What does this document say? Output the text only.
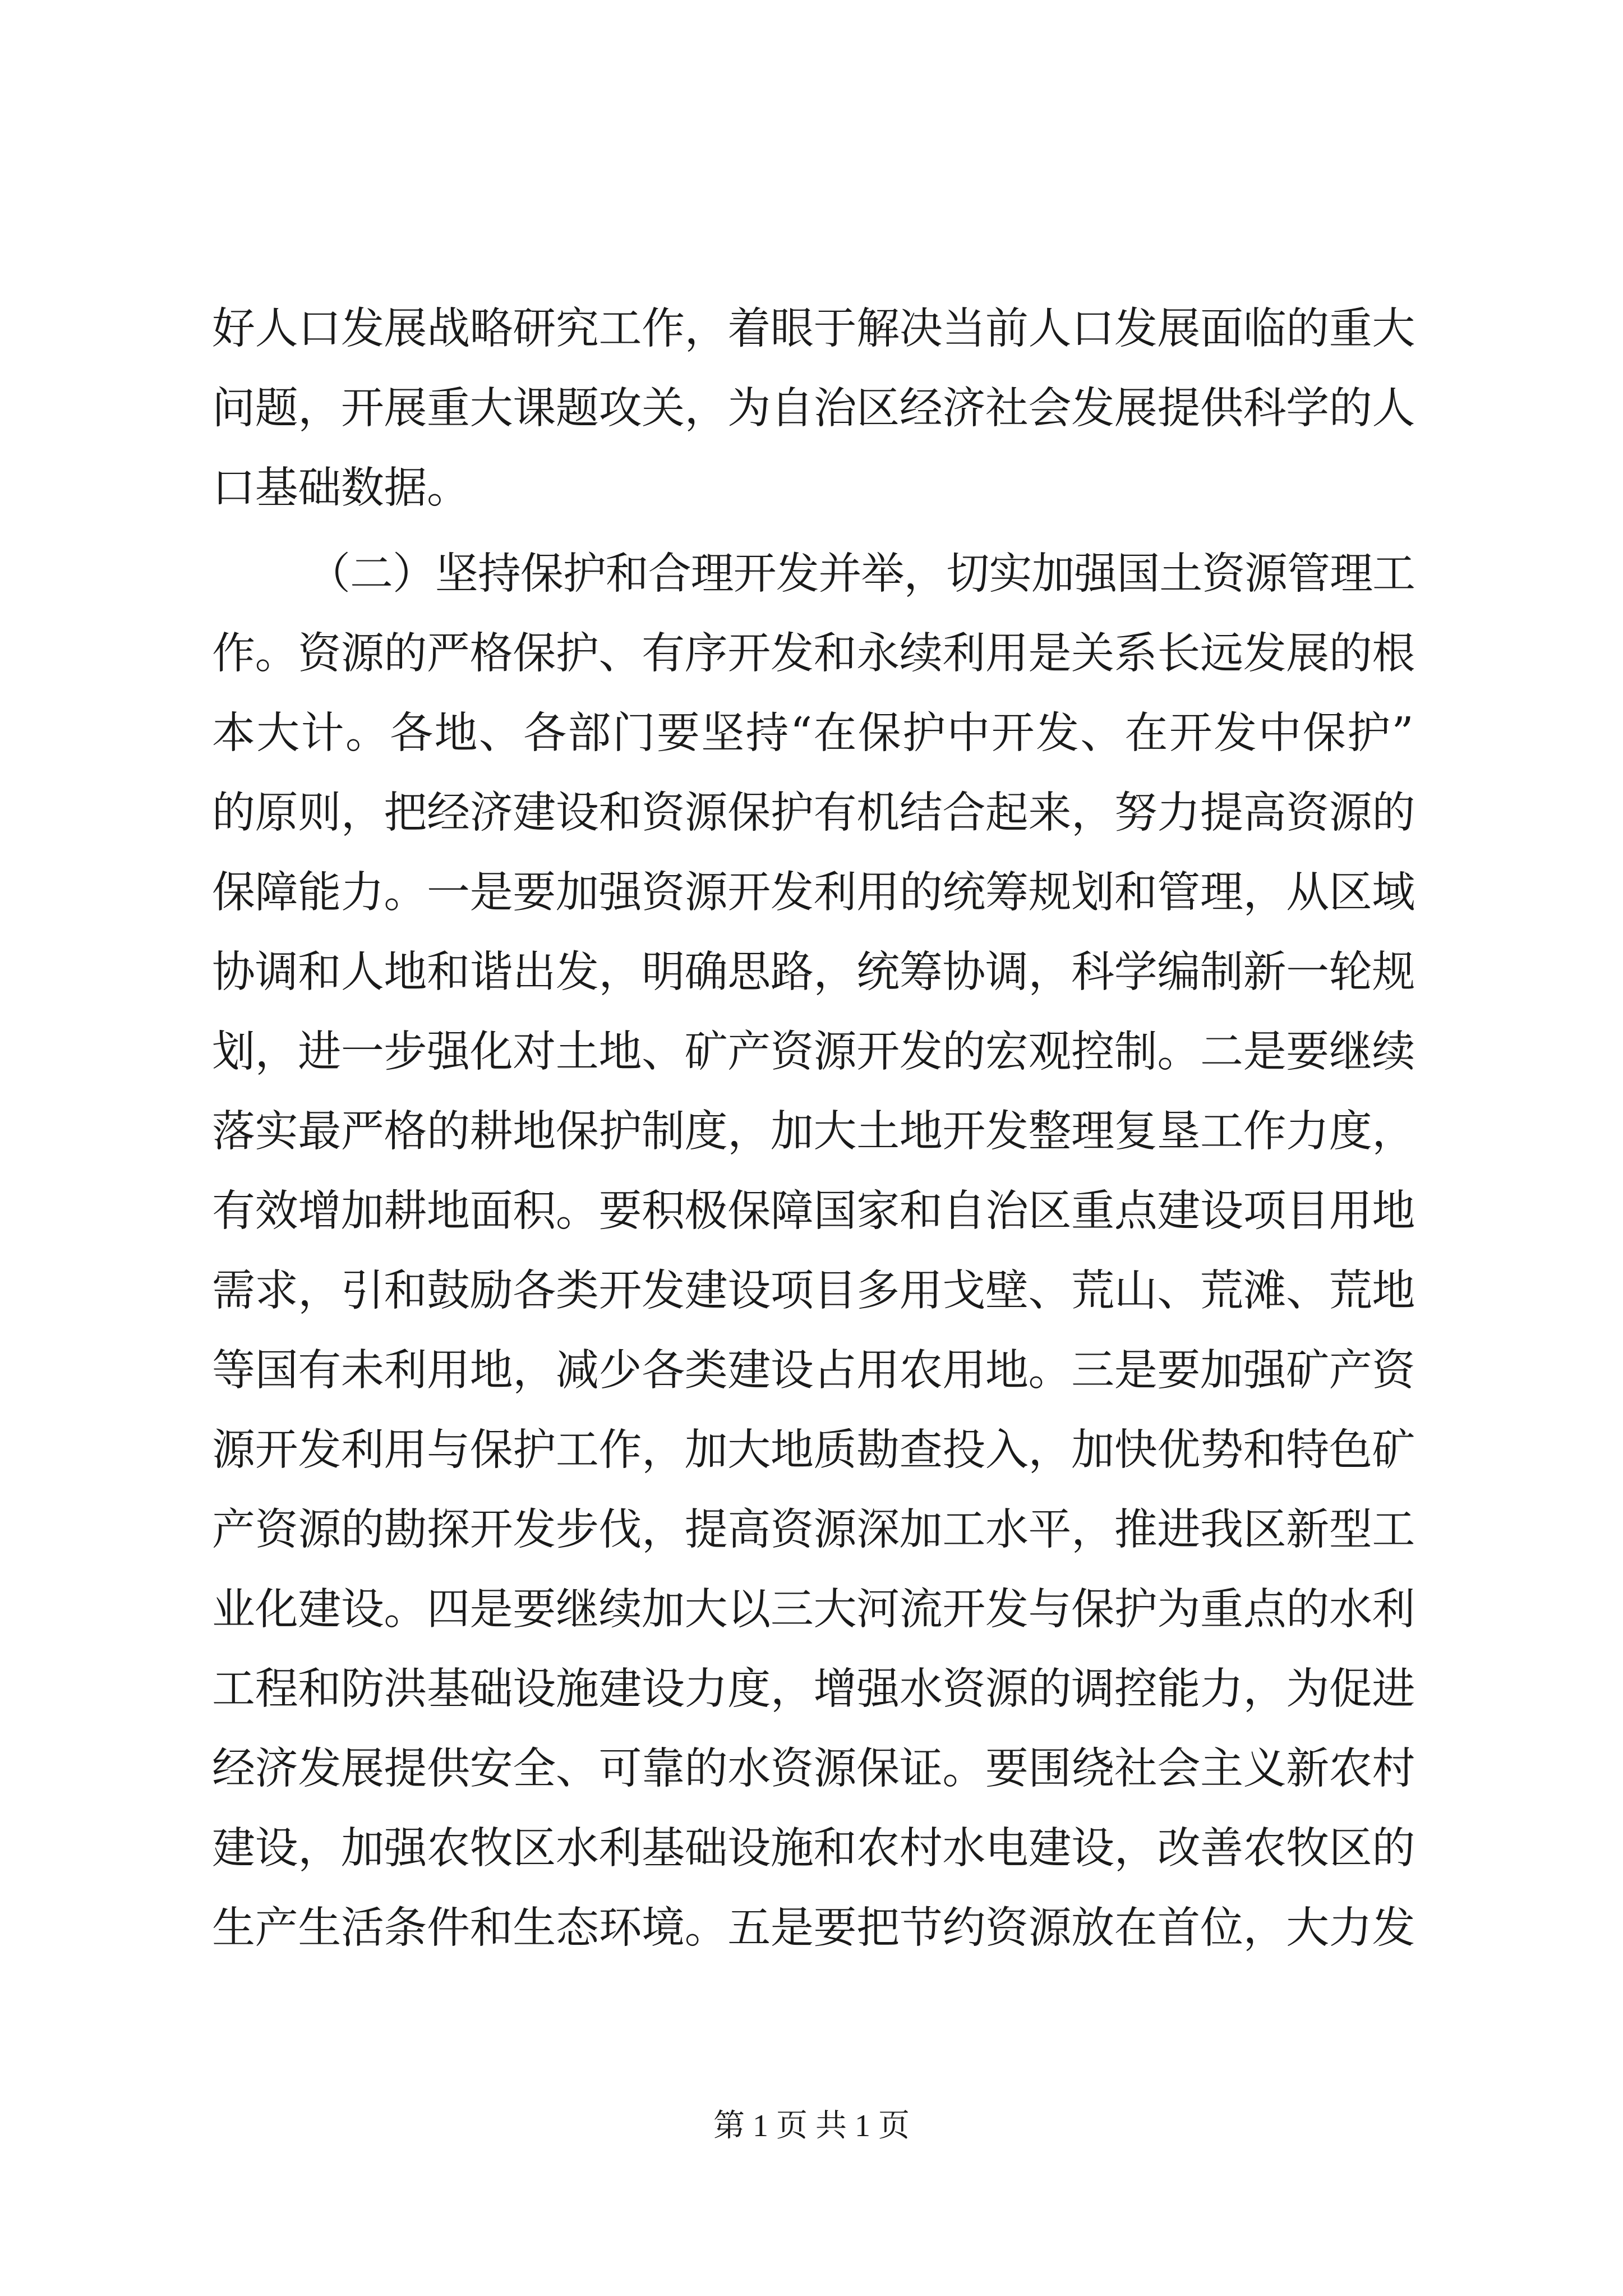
好人口发展战略研究工作，着眼于解决当前人口发展面临的重大
问题，开展重大课题攻关，为自治区经济社会发展提供科学的人
口基础数据。
（二）坚持保护和合理开发并举，切实加强国土资源管理工
作。资源的严格保护、有序开发和永续利用是关系长远发展的根
本大计。各地、各部门要坚持“在保护中开发、在开发中保护”
的原则，把经济建设和资源保护有机结合起来，努力提高资源的
保障能力。一是要加强资源开发利用的统筹规划和管理，从区域
协调和人地和谐出发，明确思路，统筹协调，科学编制新一轮规
划，进一步强化对土地、矿产资源开发的宏观控制。二是要继续
落实最严格的耕地保护制度，加大土地开发整理复垦工作力度，
有效增加耕地面积。要积极保障国家和自治区重点建设项目用地
需求，引和鼓励各类开发建设项目多用戈壁、荒山、荒滩、荒地
等国有未利用地，减少各类建设占用农用地。三是要加强矿产资
源开发利用与保护工作，加大地质勘查投入，加快优势和特色矿
产资源的勘探开发步伐，提高资源深加工水平，推进我区新型工
业化建设。四是要继续加大以三大河流开发与保护为重点的水利
工程和防洪基础设施建设力度，增强水资源的调控能力，为促进
经济发展提供安全、可靠的水资源保证。要围绕社会主义新农村
建设，加强农牧区水利基础设施和农村水电建设，改善农牧区的
生产生活条件和生态环境。五是要把节约资源放在首位，大力发
第 1 页 共 1 页
